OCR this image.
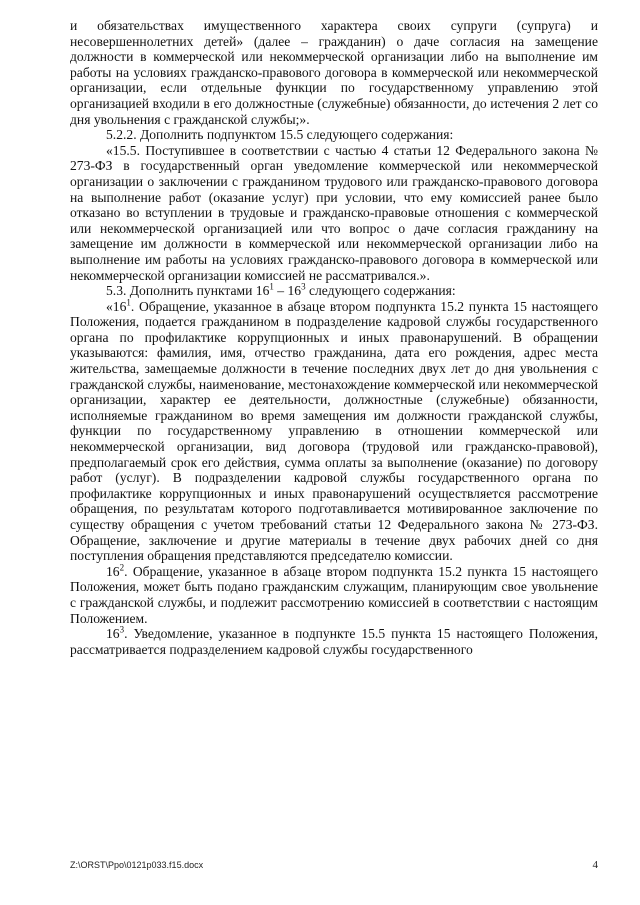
и обязательствах имущественного характера своих супруги (супруга) и несовершеннолетних детей» (далее – гражданин) о даче согласия на замещение должности в коммерческой или некоммерческой организации либо на выполнение им работы на условиях гражданско-правового договора в коммерческой или некоммерческой организации, если отдельные функции по государственному управлению этой организацией входили в его должностные (служебные) обязанности, до истечения 2 лет со дня увольнения с гражданской службы;».

5.2.2. Дополнить подпунктом 15.5 следующего содержания:

«15.5. Поступившее в соответствии с частью 4 статьи 12 Федерального закона № 273-ФЗ в государственный орган уведомление коммерческой или некоммерческой организации о заключении с гражданином трудового или гражданско-правового договора на выполнение работ (оказание услуг) при условии, что ему комиссией ранее было отказано во вступлении в трудовые и гражданско-правовые отношения с коммерческой или некоммерческой организацией или что вопрос о даче согласия гражданину на замещение им должности в коммерческой или некоммерческой организации либо на выполнение им работы на условиях гражданско-правового договора в коммерческой или некоммерческой организации комиссией не рассматривался.».

5.3. Дополнить пунктами $16^1 - 16^3$ следующего содержания:

«$16^1$. Обращение, указанное в абзаце втором подпункта 15.2 пункта 15 настоящего Положения, подается гражданином в подразделение кадровой службы государственного органа по профилактике коррупционных и иных правонарушений. В обращении указываются: фамилия, имя, отчество гражданина, дата его рождения, адрес места жительства, замещаемые должности в течение последних двух лет до дня увольнения с гражданской службы, наименование, местонахождение коммерческой или некоммерческой организации, характер ее деятельности, должностные (служебные) обязанности, исполняемые гражданином во время замещения им должности гражданской службы, функции по государственному управлению в отношении коммерческой или некоммерческой организации, вид договора (трудовой или гражданско-правовой), предполагаемый срок его действия, сумма оплаты за выполнение (оказание) по договору работ (услуг). В подразделении кадровой службы государственного органа по профилактике коррупционных и иных правонарушений осуществляется рассмотрение обращения, по результатам которого подготавливается мотивированное заключение по существу обращения с учетом требований статьи 12 Федерального закона № 273-ФЗ. Обращение, заключение и другие материалы в течение двух рабочих дней со дня поступления обращения представляются председателю комиссии.

$16^2$. Обращение, указанное в абзаце втором подпункта 15.2 пункта 15 настоящего Положения, может быть подано гражданским служащим, планирующим свое увольнение с гражданской службы, и подлежит рассмотрению комиссией в соответствии с настоящим Положением.

$16^3$. Уведомление, указанное в подпункте 15.5 пункта 15 настоящего Положения, рассматривается подразделением кадровой службы государственного

Z:\ORST\Ppo\0121p033.f15.docx	4
